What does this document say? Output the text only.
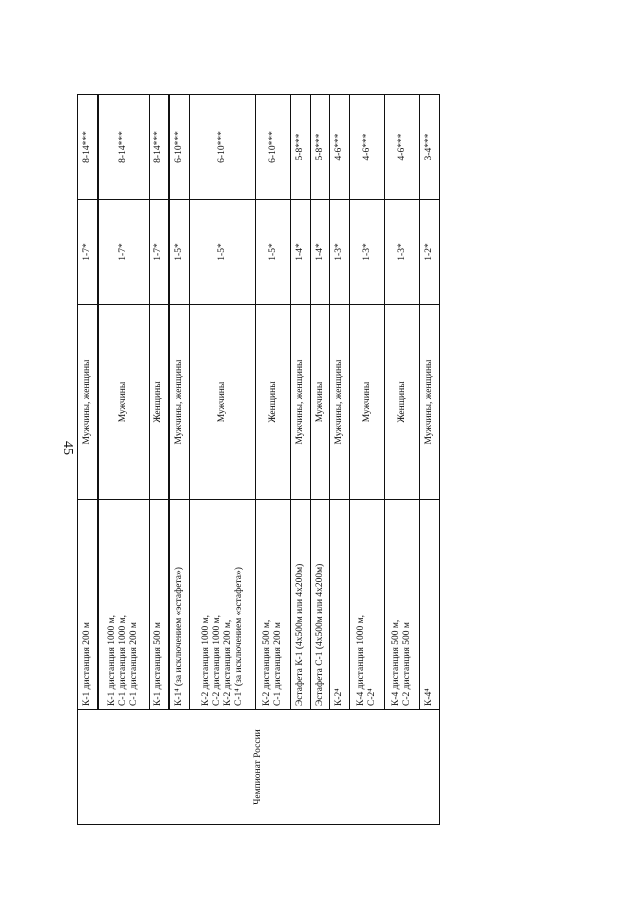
45
Чемпионат России	К-1 дистанция 200 м	Мужчины, женщины	1-7*	8-14***

	К-1 дистанция 1000 м, С-1 дистанция 1000 м, С-1 дистанция 200 м	Мужчины	1-7*	8-14***

	К-1 дистанция 500 м	Женщины	1-7*	8-14***

	К-1⁴ (за исключением «эстафета»)	Мужчины, женщины	1-5*	6-10***

	К-2 дистанция 1000 м, С-2 дистанция 1000 м, К-2 дистанция 200 м, С-1⁴ (за исключением «эстафета»)	Мужчины	1-5*	6-10***

	К-2 дистанция 500 м, С-1 дистанция 200 м	Женщины	1-5*	6-10***

	Эстафета К-1 (4х500м или 4х200м)	Мужчины, женщины	1-4*	5-8***

	Эстафета С-1 (4х500м или 4х200м)	Мужчины	1-4*	5-8***

	К-2⁴	Мужчины, женщины	1-3*	4-6***

	К-4 дистанция 1000 м, С-2⁴	Мужчины	1-3*	4-6***

	К-4 дистанция 500 м, С-2 дистанция 500 м	Женщины	1-3*	4-6***

	К-4⁴	Мужчины, женщины	1-2*	3-4***
